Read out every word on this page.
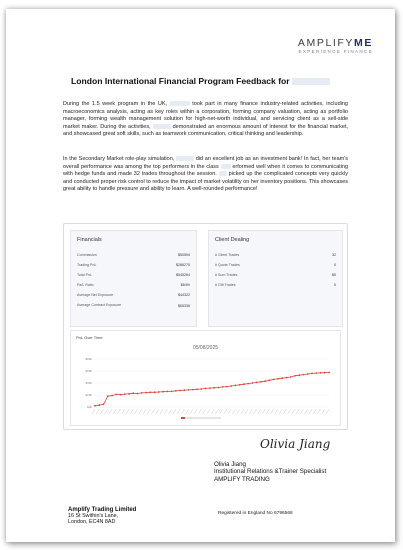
AMPLIFYME
EXPERIENCE FINANCE
London International Financial Program Feedback for
During the 1.5 week program in the UK,	took part in many finance industry-related activities, including macroeconomics analysis, acting as key roles within a corporation, forming company valuation, acting as portfolio manager, forming wealth management solution for high-net-worth individual, and servicing client as a sell-side market maker. During the activities,	demonstrated an enormous amount of interest for the financial market, and showcased great soft skills, such as teamwork communication, critical thinking and leadership.
In the Secondary Market role-play simulation,	did an excellent job as an investment bank! In fact, her team's overall performance was among the top performers in the class erformed well when it comes to communicating with hedge funds and made 32 trades throughout the session. picked up the complicated concepts very quickly and conducted proper risk control to reduce the impact of market volatility on her inventory positions. This showcases great ability to handle pressure and ability to learn. A well-rounded performance!
Financials
Commission	$50594
Trading PnL	$286270
Total PnL	$545264
Pa/L Ratio	$64%
Average Net Exposure	$44322
Average Contract Exposure	$65336
Client Dealing
# Client Trades	32
# Quote Trades	0
# Sum Trades	$0
# Gift Trades	0
PnL Over Time
05/08/2025
$80k
$60k
$40k
$20k
$0k
Olivia Jiang
Olivia Jiang
Institutional Relations &Trainer Specialist
AMPLIFY TRADING
Amplify Trading Limited
16 St Swithin's Lane,
London, EC4N 8AD
Registered in England No 6796566
